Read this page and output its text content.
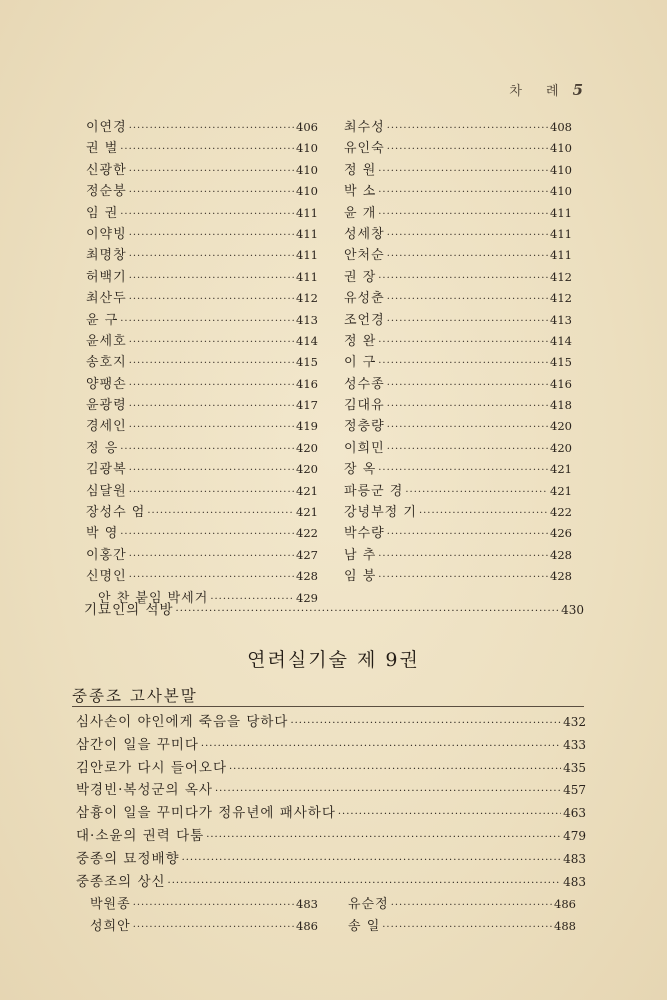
차 례 5
이연경 ·····	406
권 벌 ·····	410
신광한 ·····	410
정순붕 ·····	410
임 권 ·····	411
이약빙 ·····	411
최명창 ·····	411
허백기 ·····	411
최산두 ·····	412
윤 구 ·····	413
윤세호 ·····	414
송호지 ·····	415
양팽손 ·····	416
윤광령 ·····	417
경세인 ·····	419
정 응 ·····	420
김광복 ·····	420
심달원 ·····	421
장성수 엄 ·····	421
박 영 ·····	422
이홍간 ·····	427
신명인 ·····	428
안 찬 붙임 박세거 ·····	429
최수성 ·····	408
유인숙 ·····	410
정 원 ·····	410
박 소 ·····	410
윤 개 ·····	411
성세창 ·····	411
안처순 ·····	411
권 장 ·····	412
유성춘 ·····	412
조언경 ·····	413
정 완 ·····	414
이 구 ·····	415
성수종 ·····	416
김대유 ·····	418
정충량 ·····	420
이희민 ·····	420
장 옥 ·····	421
파릉군 경 ·····	421
강녕부정 기 ·····	422
박수량 ·····	426
남 추 ·····	428
임 붕 ·····	428
기묘인의 석방 ·····	430
연려실기술 제 9권
중종조 고사본말
심사손이 야인에게 죽음을 당하다 ·····	432
삼간이 일을 꾸미다 ·····	433
김안로가 다시 들어오다 ·····	435
박경빈·복성군의 옥사 ·····	457
삼흉이 일을 꾸미다가 정유년에 패사하다 ·····	463
대·소윤의 권력 다툼 ·····	479
중종의 묘정배향 ·····	483
중종조의 상신 ·····	483
박원종 ·····	483
성희안 ·····	486
유순정 ·····	486
송 일 ·····	488
